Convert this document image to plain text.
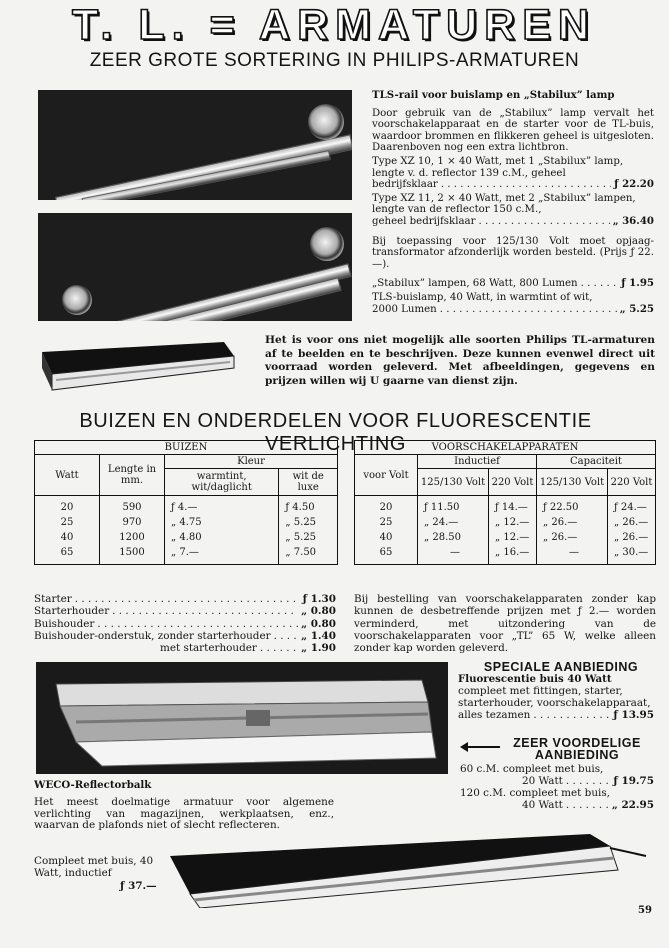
T. L. = ARMATUREN
ZEER GROTE SORTERING IN PHILIPS-ARMATUREN
TLS-rail voor buislamp en „Stabilux” lamp
Door gebruik van de „Stabilux” lamp vervalt het voorschakelapparaat en de starter voor de TL-buis, waardoor brommen en flikkeren geheel is uitgesloten. Daarenboven nog een extra lichtbron.
Type XZ 10, 1 × 40 Watt, met 1 „Stabilux” lamp, lengte v. d. reflector 139 c.M., geheel
bedrijfsklaar . . .	ƒ 22.20
Type XZ 11, 2 × 40 Watt, met 2 „Stabilux” lampen, lengte van de reflector 150 c.M.,
geheel bedrijfsklaar . . .	„ 36.40
Bij toepassing voor 125/130 Volt moet opjaag-transformator afzonderlijk worden besteld. (Prijs ƒ 22.—).
„Stabilux” lampen, 68 Watt, 800 Lumen . . .	ƒ 1.95
TLS-buislamp, 40 Watt, in warmtint of wit,
2000 Lumen . . .	„ 5.25
Het is voor ons niet mogelijk alle soorten Philips TL-armaturen af te beelden en te beschrijven. Deze kunnen evenwel direct uit voorraad worden geleverd. Met afbeeldingen, gegevens en prijzen willen wij U gaarne van dienst zijn.
BUIZEN EN ONDERDELEN VOOR FLUORESCENTIE VERLICHTING
BUIZEN			
Watt	Lengte in mm.	Kleur	
		warmtint, wit/daglicht	wit de luxe
20	590	ƒ 4.—	ƒ 4.50
25	970	„ 4.75	„ 5.25
40	1200	„ 4.80	„ 5.25
65	1500	„ 7.—	„ 7.50
VOORSCHAKELAPPARATEN				
voor Volt	Inductief		Capaciteit	
	125/130 Volt	220 Volt	125/130 Volt	220 Volt
20	ƒ 11.50	ƒ 14.—	ƒ 22.50	ƒ 24.—
25	„ 24.—	„ 12.—	„ 26.—	„ 26.—
40	„ 28.50	„ 12.—	„ 26.—	„ 26.—
65	—	„ 16.—	—	„ 30.—
Starter . . .	ƒ 1.30
Starterhouder . . .	„ 0.80
Buishouder . . .	„ 0.80
Buishouder-onderstuk, zonder starterhouder . . .	„ 1.40
met starterhouder . . .	„ 1.90
Bij bestelling van voorschakelapparaten zonder kap kunnen de desbetreffende prijzen met ƒ 2.— worden verminderd, met uitzondering van de voorschakelapparaten voor „TL” 65 W, welke alleen zonder kap worden geleverd.
SPECIALE AANBIEDING
Fluorescentie buis 40 Watt
compleet met fittingen, starter, starterhouder, voorschakelapparaat,
alles tezamen . . .	ƒ 13.95
ZEER VOORDELIGE
AANBIEDING
60 c.M. compleet met buis,
20 Watt . . .	ƒ 19.75
120 c.M. compleet met buis,
40 Watt . . .	„ 22.95
WECO-Reflectorbalk
Het meest doelmatige armatuur voor algemene verlichting van magazijnen, werkplaatsen, enz., waarvan de plafonds niet of slecht reflecteren.
Compleet met buis, 40 Watt, inductief
ƒ 37.—
59
